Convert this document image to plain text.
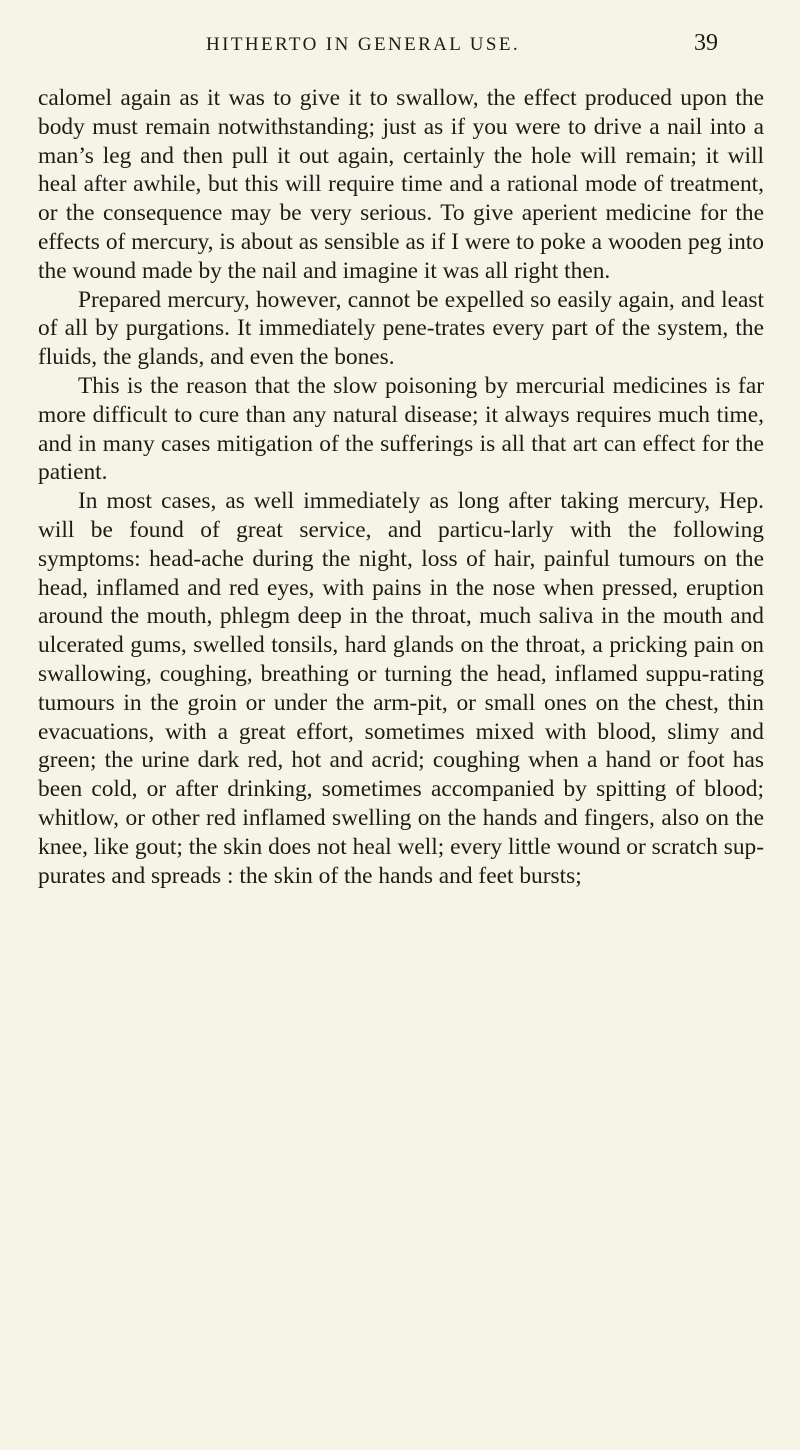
HITHERTO IN GENERAL USE.	39

calomel again as it was to give it to swallow, the effect produced upon the body must remain notwithstanding; just as if you were to drive a nail into a man’s leg and then pull it out again, certainly the hole will remain; it will heal after awhile, but this will require time and a rational mode of treatment, or the consequence may be very serious. To give aperient medicine for the effects of mercury, is about as sensible as if I were to poke a wooden peg into the wound made by the nail and imagine it was all right then.

Prepared mercury, however, cannot be expelled so easily again, and least of all by purgations. It immediately pene-trates every part of the system, the fluids, the glands, and even the bones.

This is the reason that the slow poisoning by mercurial medicines is far more difficult to cure than any natural disease; it always requires much time, and in many cases mitigation of the sufferings is all that art can effect for the patient.

In most cases, as well immediately as long after taking mercury, Hep. will be found of great service, and particu-larly with the following symptoms: head-ache during the night, loss of hair, painful tumours on the head, inflamed and red eyes, with pains in the nose when pressed, eruption around the mouth, phlegm deep in the throat, much saliva in the mouth and ulcerated gums, swelled tonsils, hard glands on the throat, a pricking pain on swallowing, coughing, breathing or turning the head, inflamed suppu-rating tumours in the groin or under the arm-pit, or small ones on the chest, thin evacuations, with a great effort, sometimes mixed with blood, slimy and green; the urine dark red, hot and acrid; coughing when a hand or foot has been cold, or after drinking, sometimes accompanied by spitting of blood; whitlow, or other red inflamed swelling on the hands and fingers, also on the knee, like gout; the skin does not heal well; every little wound or scratch sup-purates and spreads : the skin of the hands and feet bursts;
